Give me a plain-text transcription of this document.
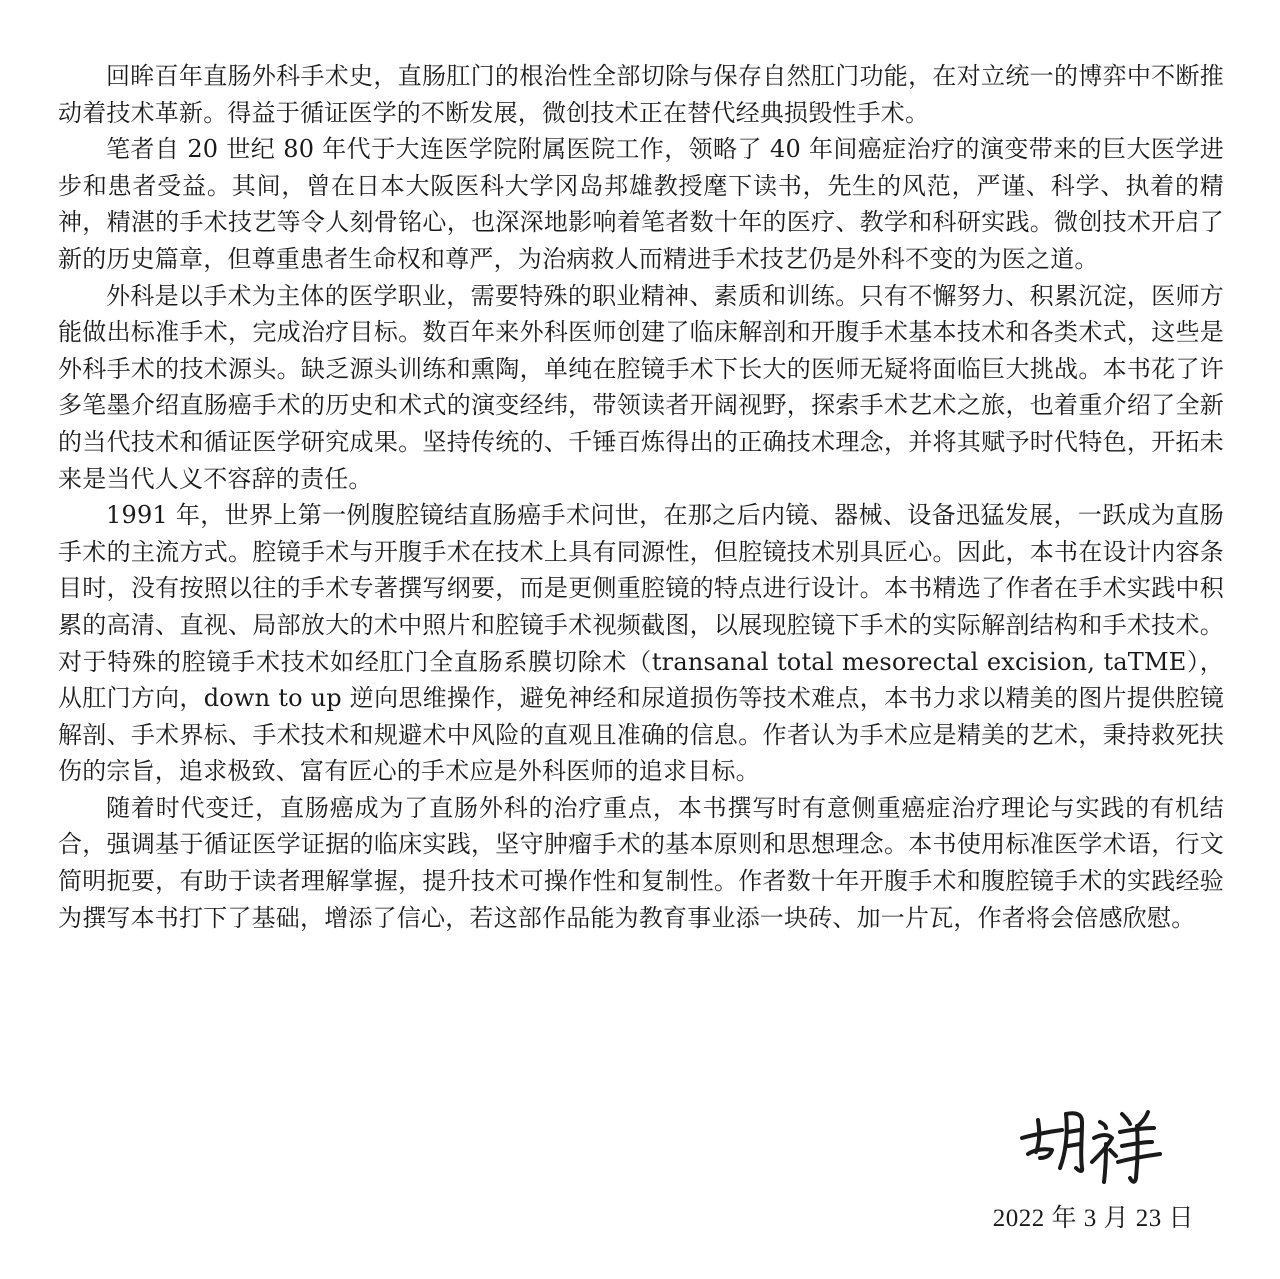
回眸百年直肠外科手术史，直肠肛门的根治性全部切除与保存自然肛门功能，在对立统一的博弈中不断推动着技术革新。得益于循证医学的不断发展，微创技术正在替代经典损毁性手术。

笔者自 20 世纪 80 年代于大连医学院附属医院工作，领略了 40 年间癌症治疗的演变带来的巨大医学进步和患者受益。其间，曾在日本大阪医科大学冈岛邦雄教授麾下读书，先生的风范，严谨、科学、执着的精神，精湛的手术技艺等令人刻骨铭心，也深深地影响着笔者数十年的医疗、教学和科研实践。微创技术开启了新的历史篇章，但尊重患者生命权和尊严，为治病救人而精进手术技艺仍是外科不变的为医之道。

外科是以手术为主体的医学职业，需要特殊的职业精神、素质和训练。只有不懈努力、积累沉淀，医师方能做出标准手术，完成治疗目标。数百年来外科医师创建了临床解剖和开腹手术基本技术和各类术式，这些是外科手术的技术源头。缺乏源头训练和熏陶，单纯在腔镜手术下长大的医师无疑将面临巨大挑战。本书花了许多笔墨介绍直肠癌手术的历史和术式的演变经纬，带领读者开阔视野，探索手术艺术之旅，也着重介绍了全新的当代技术和循证医学研究成果。坚持传统的、千锤百炼得出的正确技术理念，并将其赋予时代特色，开拓未来是当代人义不容辞的责任。

1991 年，世界上第一例腹腔镜结直肠癌手术问世，在那之后内镜、器械、设备迅猛发展，一跃成为直肠手术的主流方式。腔镜手术与开腹手术在技术上具有同源性，但腔镜技术别具匠心。因此，本书在设计内容条目时，没有按照以往的手术专著撰写纲要，而是更侧重腔镜的特点进行设计。本书精选了作者在手术实践中积累的高清、直视、局部放大的术中照片和腔镜手术视频截图，以展现腔镜下手术的实际解剖结构和手术技术。对于特殊的腔镜手术技术如经肛门全直肠系膜切除术（transanal total mesorectal excision, taTME），从肛门方向，down to up 逆向思维操作，避免神经和尿道损伤等技术难点，本书力求以精美的图片提供腔镜解剖、手术界标、手术技术和规避术中风险的直观且准确的信息。作者认为手术应是精美的艺术，秉持救死扶伤的宗旨，追求极致、富有匠心的手术应是外科医师的追求目标。

随着时代变迁，直肠癌成为了直肠外科的治疗重点，本书撰写时有意侧重癌症治疗理论与实践的有机结合，强调基于循证医学证据的临床实践，坚守肿瘤手术的基本原则和思想理念。本书使用标准医学术语，行文简明扼要，有助于读者理解掌握，提升技术可操作性和复制性。作者数十年开腹手术和腹腔镜手术的实践经验为撰写本书打下了基础，增添了信心，若这部作品能为教育事业添一块砖、加一片瓦，作者将会倍感欣慰。

2022 年 3 月 23 日
